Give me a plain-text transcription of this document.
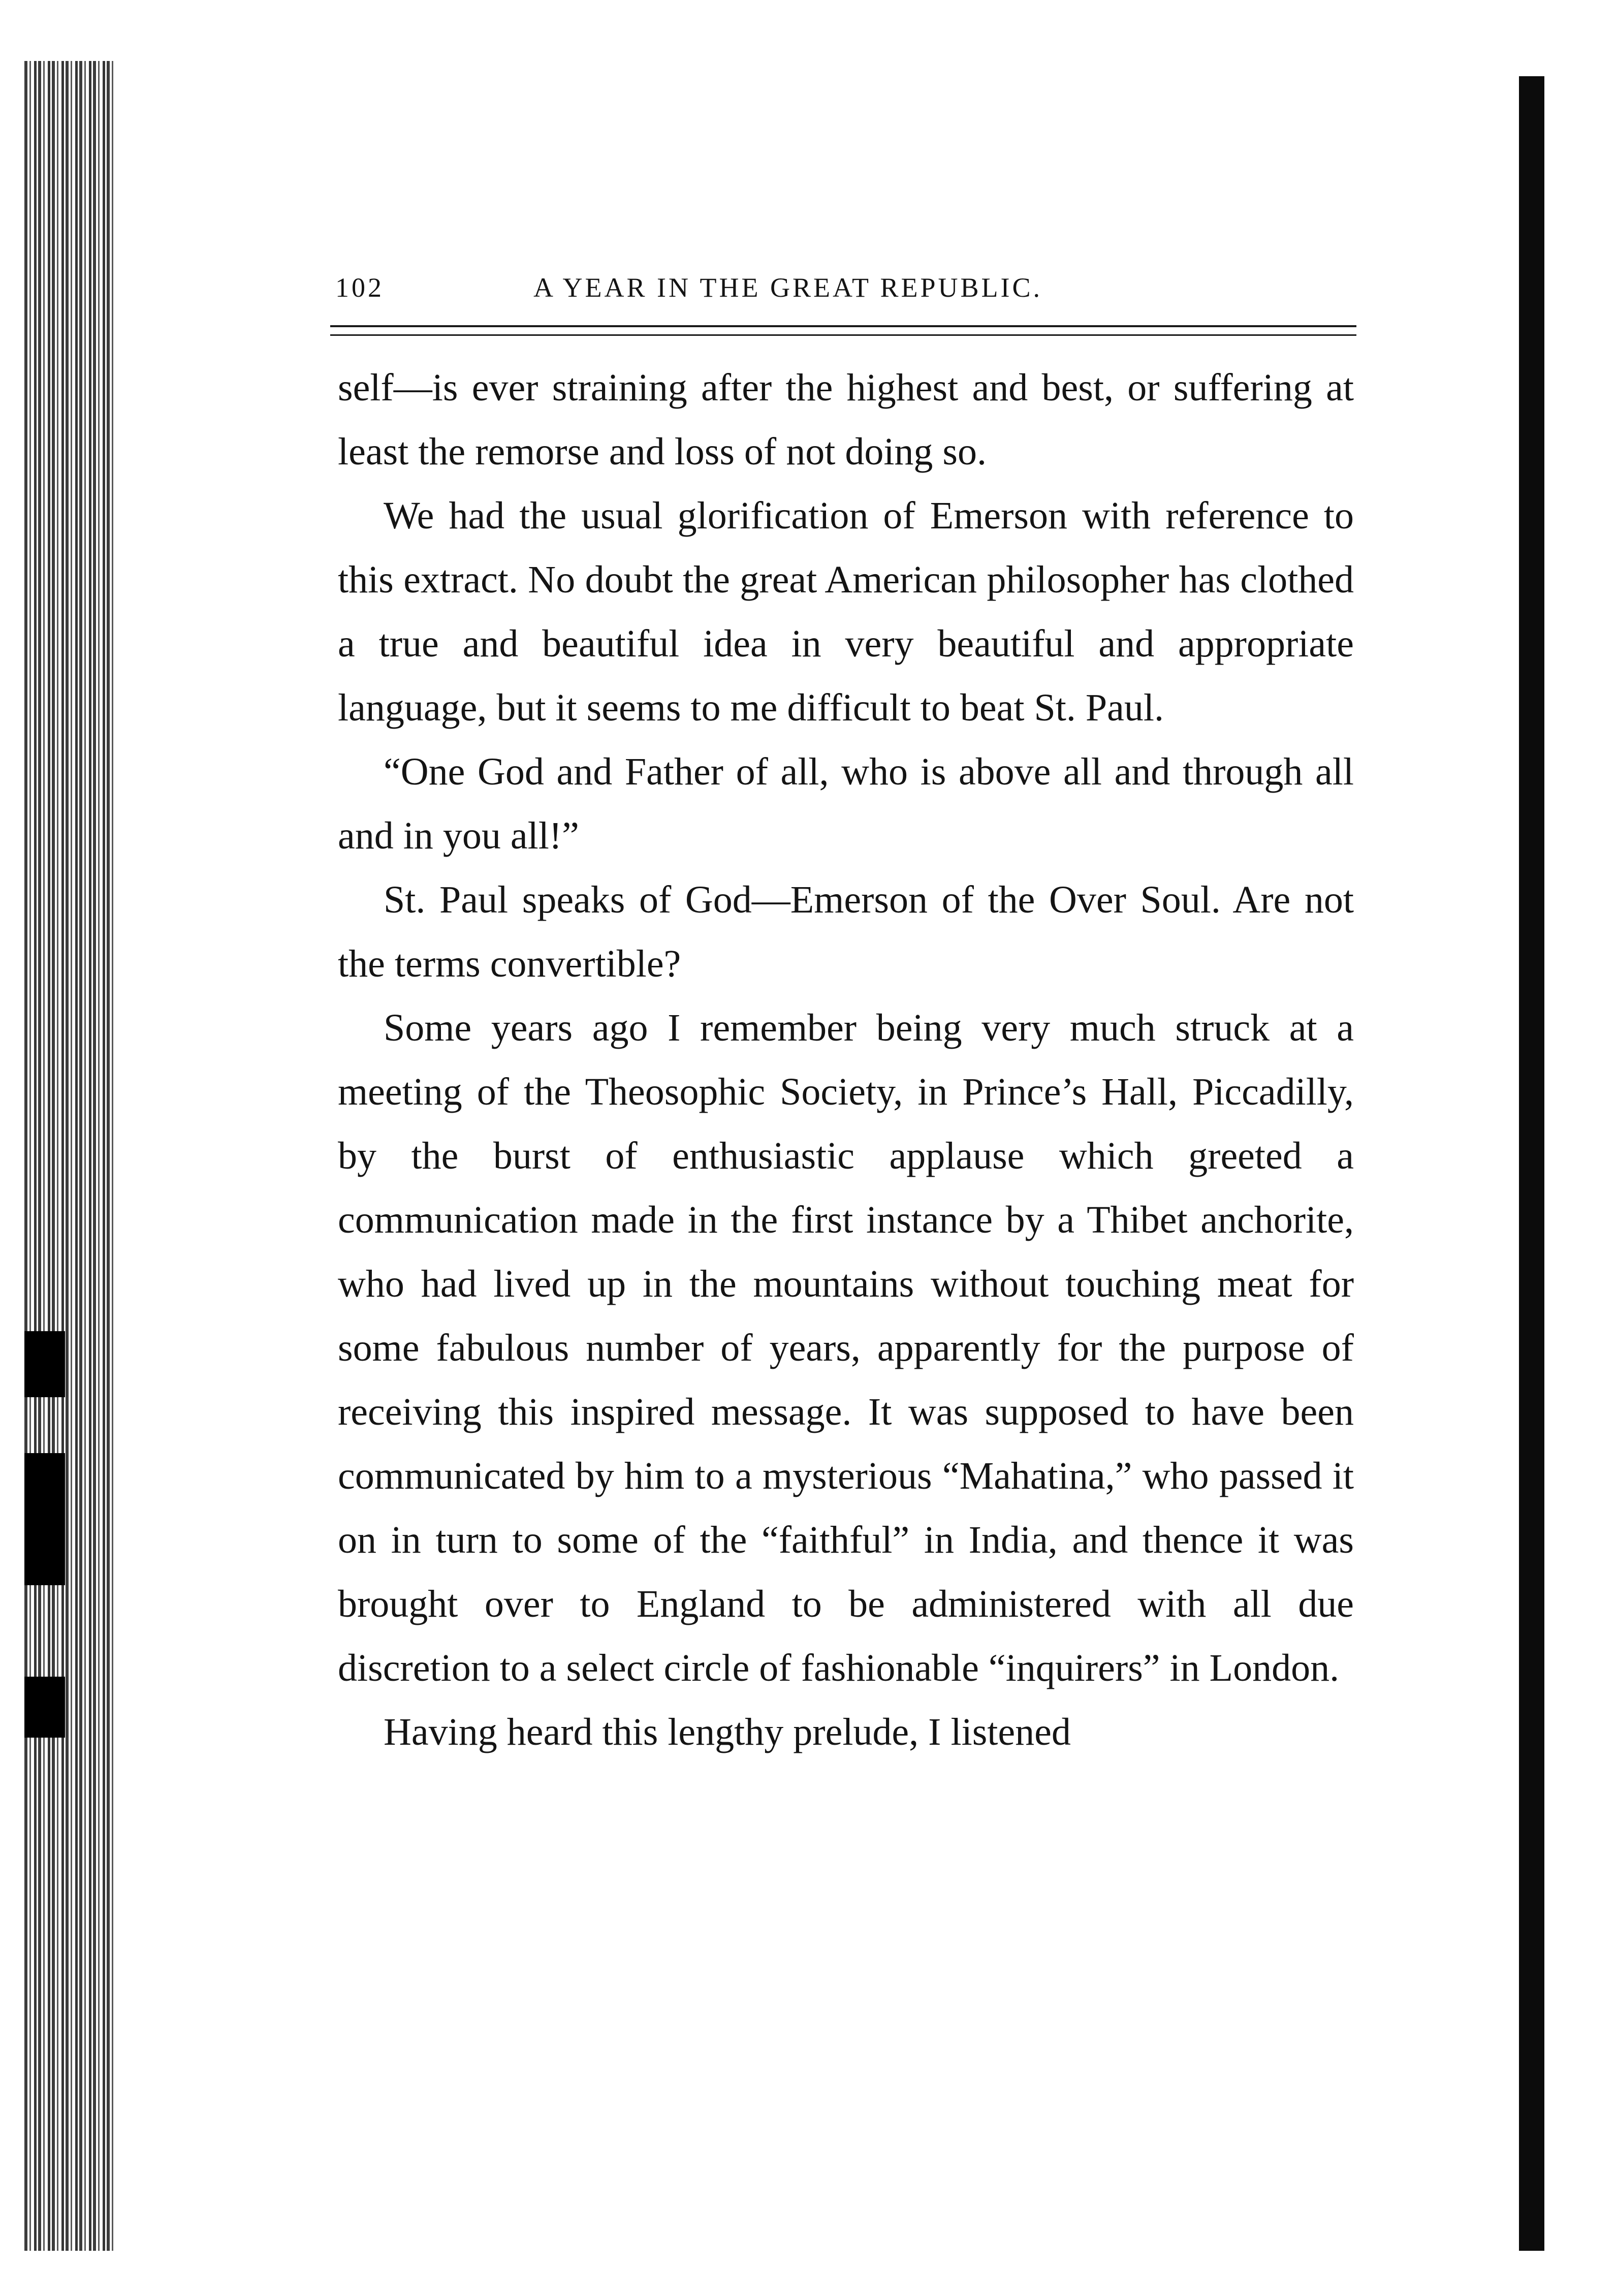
102	A YEAR IN THE GREAT REPUBLIC.

self—is ever straining after the highest and best, or suffering at least the remorse and loss of not doing so.

We had the usual glorification of Emerson with reference to this extract. No doubt the great American philosopher has clothed a true and beautiful idea in very beautiful and appropriate language, but it seems to me difficult to beat St. Paul.

“One God and Father of all, who is above all and through all and in you all!”

St. Paul speaks of God—Emerson of the Over Soul. Are not the terms convertible?

Some years ago I remember being very much struck at a meeting of the Theosophic Society, in Prince’s Hall, Piccadilly, by the burst of enthusiastic applause which greeted a communication made in the first instance by a Thibet anchorite, who had lived up in the mountains without touching meat for some fabulous number of years, apparently for the purpose of receiving this inspired message. It was supposed to have been communicated by him to a mysterious “Mahatina,” who passed it on in turn to some of the “faithful” in India, and thence it was brought over to England to be administered with all due discretion to a select circle of fashionable “inquirers” in London.

Having heard this lengthy prelude, I listened
